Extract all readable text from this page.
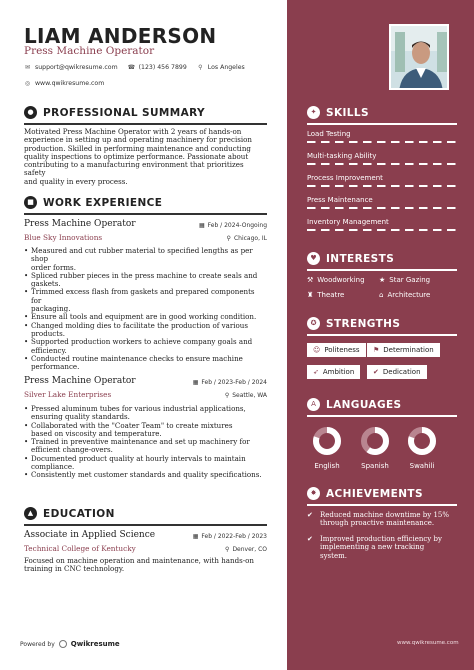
LIAM ANDERSON
Press Machine Operator
✉ support@qwikresume.com ☎ (123) 456 7899 ⚲ Los Angeles
◎ www.qwikresume.com
● PROFESSIONAL SUMMARY
Motivated Press Machine Operator with 2 years of hands-on
experience in setting up and operating machinery for precision
production. Skilled in performing maintenance and conducting
quality inspections to optimize performance. Passionate about
contributing to a manufacturing environment that prioritizes safety
and quality in every process.
■ WORK EXPERIENCE
Press Machine Operator	▦ Feb / 2024-Ongoing
Blue Sky Innovations	⚲ Chicago, IL
• Measured and cut rubber material to specified lengths as per shop
order forms.
• Spliced rubber pieces in the press machine to create seals and
gaskets.
• Trimmed excess flash from gaskets and prepared components for
packaging.
• Ensure all tools and equipment are in good working condition.
• Changed molding dies to facilitate the production of various
products.
• Supported production workers to achieve company goals and
efficiency.
• Conducted routine maintenance checks to ensure machine
performance.
Press Machine Operator	▦ Feb / 2023-Feb / 2024
Silver Lake Enterprises	⚲ Seattle, WA
• Pressed aluminum tubes for various industrial applications,
ensuring quality standards.
• Collaborated with the "Coater Team" to create mixtures
based on viscosity and temperature.
• Trained in preventive maintenance and set up machinery for
efficient change-overs.
• Documented product quality at hourly intervals to maintain
compliance.
• Consistently met customer standards and quality specifications.
▲ EDUCATION
Associate in Applied Science	▦ Feb / 2022-Feb / 2023
Technical College of Kentucky	⚲ Denver, CO
Focused on machine operation and maintenance, with hands-on
training in CNC technology.
Powered by Qwikresume
✦ SKILLS
Load Testing
Multi-tasking Ability
Process Improvement
Press Maintenance
Inventory Management
♥ INTERESTS
⚒ Woodworking ★ Star Gazing
♜ Theatre	⌂ Architecture
✪ STRENGTHS
☺ Politeness ⚑ Determination
➶ Ambition	✔ Dedication
A LANGUAGES
English	Spanish	Swahili
✸ ACHIEVEMENTS
✔	Reduced machine downtime by 15%
through proactive maintenance.
✔	Improved production efficiency by
implementing a new tracking
system.
www.qwikresume.com
